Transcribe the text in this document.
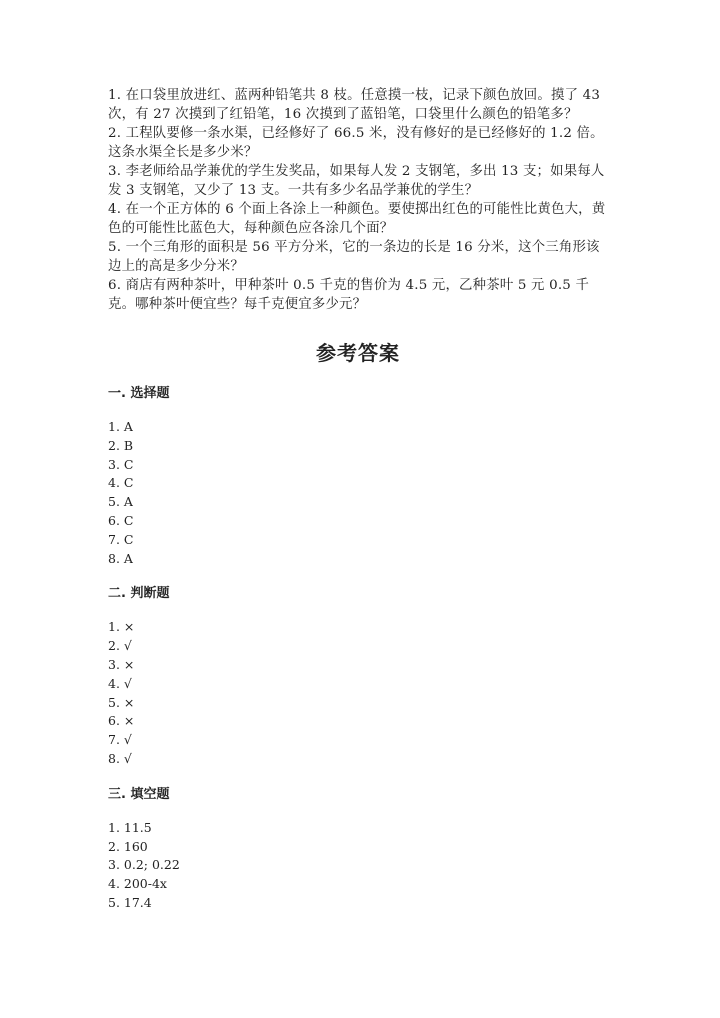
1. 在口袋里放进红、蓝两种铅笔共 8 枝。任意摸一枝，记录下颜色放回。摸了 43 次，有 27 次摸到了红铅笔，16 次摸到了蓝铅笔，口袋里什么颜色的铅笔多？

2. 工程队要修一条水渠，已经修好了 66.5 米，没有修好的是已经修好的 1.2 倍。这条水渠全长是多少米？

3. 李老师给品学兼优的学生发奖品，如果每人发 2 支钢笔，多出 13 支；如果每人发 3 支钢笔，又少了 13 支。一共有多少名品学兼优的学生？

4. 在一个正方体的 6 个面上各涂上一种颜色。要使掷出红色的可能性比黄色大，黄色的可能性比蓝色大，每种颜色应各涂几个面？

5. 一个三角形的面积是 56 平方分米，它的一条边的长是 16 分米，这个三角形该边上的高是多少分米？

6. 商店有两种茶叶，甲种茶叶 0.5 千克的售价为 4.5 元，乙种茶叶 5 元 0.5 千克。哪种茶叶便宜些？每千克便宜多少元？

参考答案
一. 选择题
1. A
2. B
3. C
4. C
5. A
6. C
7. C
8. A
二. 判断题
1. ×
2. √
3. ×
4. √
5. ×
6. ×
7. √
8. √
三. 填空题
1. 11.5
2. 160
3. 0.2; 0.22
4. 200-4x
5. 17.4
